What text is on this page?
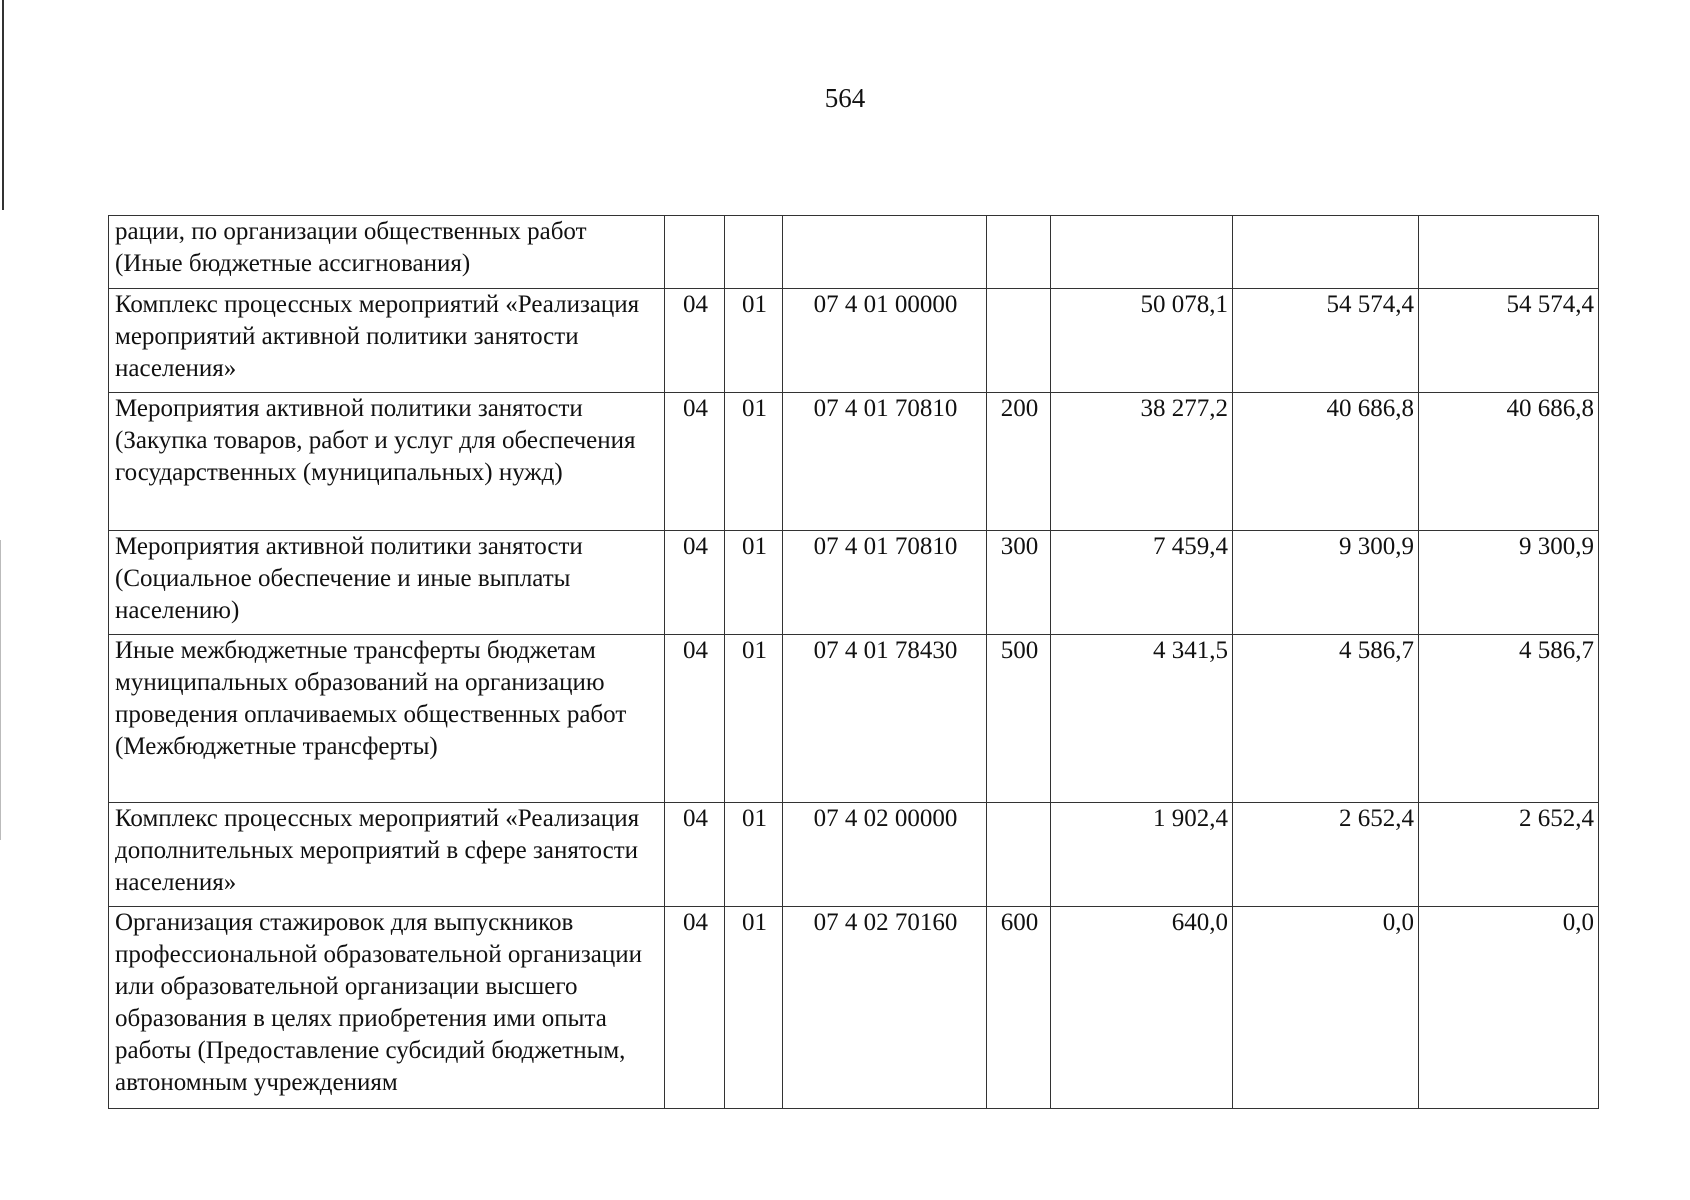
564
рации, по организации общественных работ (Иные бюджетные ассигнования)							
Комплекс процессных мероприятий «Реализация мероприятий активной политики занятости населения»	04	01	07 4 01 00000		50 078,1	54 574,4	54 574,4
Мероприятия активной политики занятости (Закупка товаров, работ и услуг для обеспечения государственных (муниципальных) нужд)	04	01	07 4 01 70810	200	38 277,2	40 686,8	40 686,8
Мероприятия активной политики занятости (Социальное обеспечение и иные выплаты населению)	04	01	07 4 01 70810	300	7 459,4	9 300,9	9 300,9
Иные межбюджетные трансферты бюджетам муниципальных образований на организацию проведения оплачиваемых общественных работ (Межбюджетные трансферты)	04	01	07 4 01 78430	500	4 341,5	4 586,7	4 586,7
Комплекс процессных мероприятий «Реализация дополнительных мероприятий в сфере занятости населения»	04	01	07 4 02 00000		1 902,4	2 652,4	2 652,4
Организация стажировок для выпускников профессиональной образовательной организации или образовательной организации высшего образования в целях приобретения ими опыта работы (Предоставление субсидий бюджетным, автономным учреждениям	04	01	07 4 02 70160	600	640,0	0,0	0,0
